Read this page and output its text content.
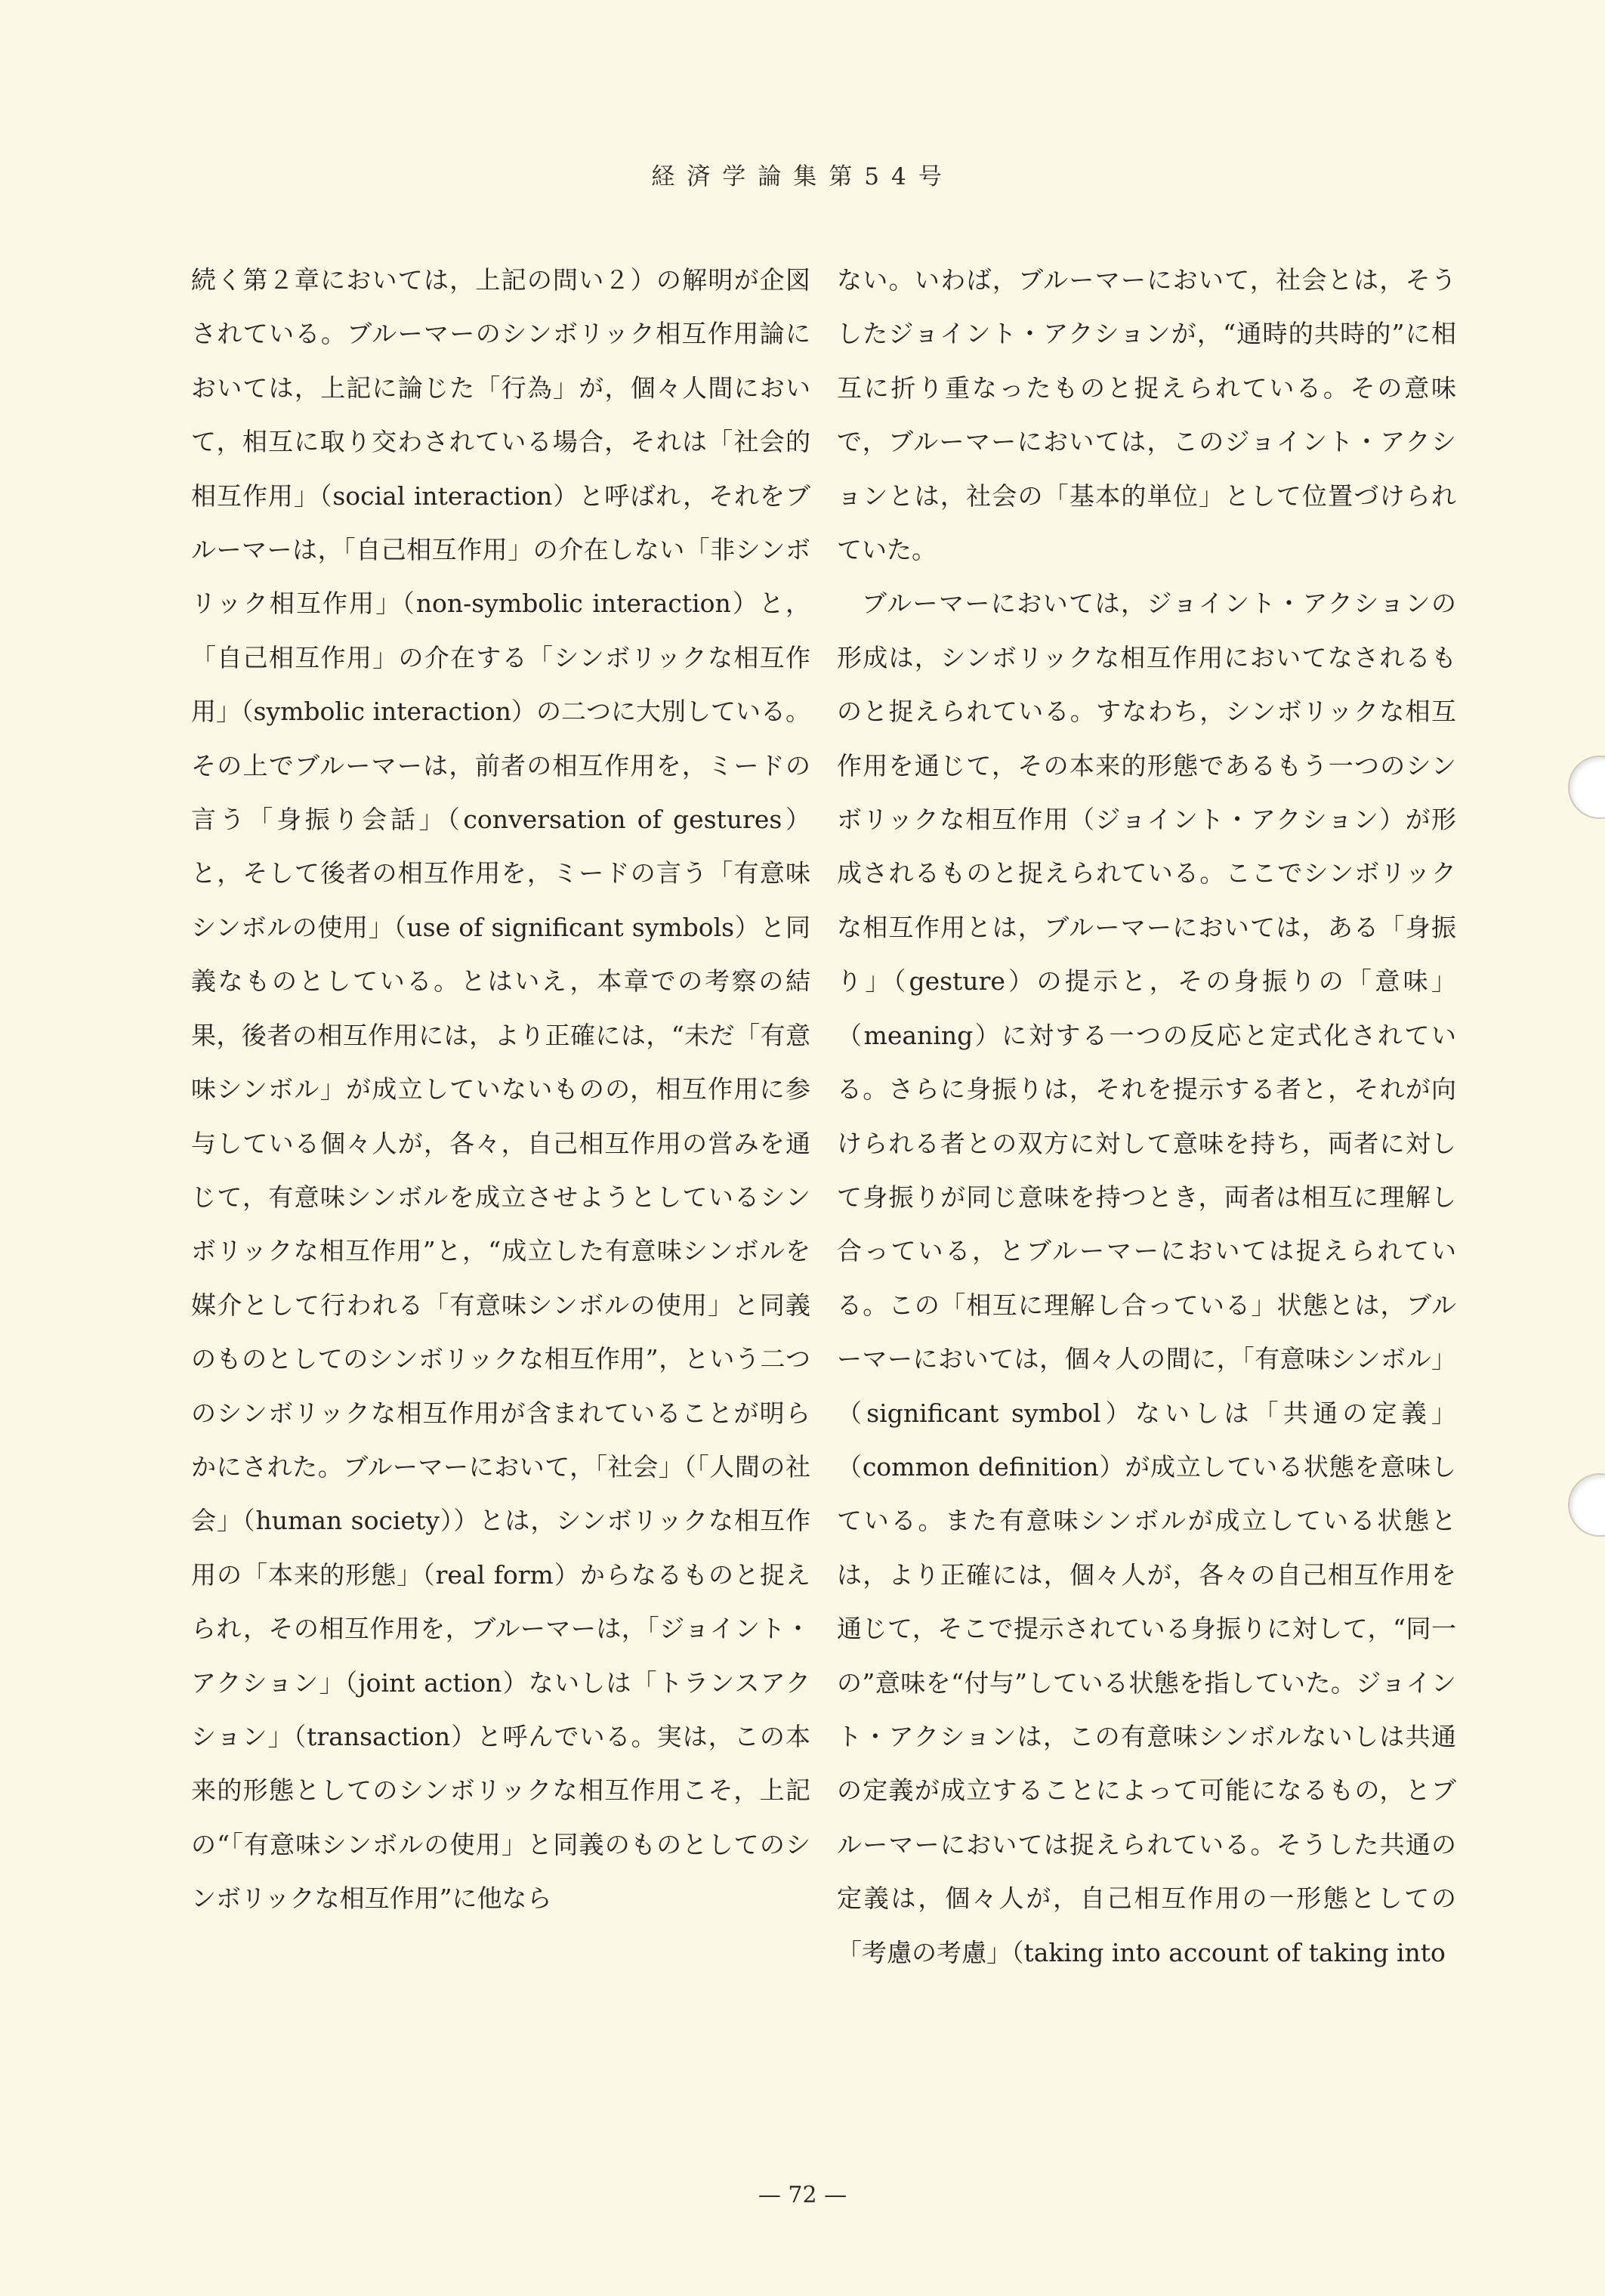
経済学論集第54号

続く第２章においては，上記の問い２）の解明が企図されている。ブルーマーのシンボリック相互作用論においては，上記に論じた「行為」が，個々人間において，相互に取り交わされている場合，それは「社会的相互作用」（social interaction）と呼ばれ，それをブルーマーは，「自己相互作用」の介在しない「非シンボリック相互作用」（non-symbolic interaction）と，「自己相互作用」の介在する「シンボリックな相互作用」（symbolic interaction）の二つに大別している。その上でブルーマーは，前者の相互作用を，ミードの言う「身振り会話」（conversation of gestures）と，そして後者の相互作用を，ミードの言う「有意味シンボルの使用」（use of significant symbols）と同義なものとしている。とはいえ，本章での考察の結果，後者の相互作用には，より正確には，“未だ「有意味シンボル」が成立していないものの，相互作用に参与している個々人が，各々，自己相互作用の営みを通じて，有意味シンボルを成立させようとしているシンボリックな相互作用”と，“成立した有意味シンボルを媒介として行われる「有意味シンボルの使用」と同義のものとしてのシンボリックな相互作用”，という二つのシンボリックな相互作用が含まれていることが明らかにされた。ブルーマーにおいて，「社会」（「人間の社会」（human society））とは，シンボリックな相互作用の「本来的形態」（real form）からなるものと捉えられ，その相互作用を，ブルーマーは，「ジョイント・アクション」（joint action）ないしは「トランスアクション」（transaction）と呼んでいる。実は，この本来的形態としてのシンボリックな相互作用こそ，上記の“「有意味シンボルの使用」と同義のものとしてのシンボリックな相互作用”に他なら

ない。いわば，ブルーマーにおいて，社会とは，そうしたジョイント・アクションが，“通時的共時的”に相互に折り重なったものと捉えられている。その意味で，ブルーマーにおいては，このジョイント・アクションとは，社会の「基本的単位」として位置づけられていた。

ブルーマーにおいては，ジョイント・アクションの形成は，シンボリックな相互作用においてなされるものと捉えられている。すなわち，シンボリックな相互作用を通じて，その本来的形態であるもう一つのシンボリックな相互作用（ジョイント・アクション）が形成されるものと捉えられている。ここでシンボリックな相互作用とは，ブルーマーにおいては，ある「身振り」（gesture）の提示と，その身振りの「意味」（meaning）に対する一つの反応と定式化されている。さらに身振りは，それを提示する者と，それが向けられる者との双方に対して意味を持ち，両者に対して身振りが同じ意味を持つとき，両者は相互に理解し合っている，とブルーマーにおいては捉えられている。この「相互に理解し合っている」状態とは，ブルーマーにおいては，個々人の間に，「有意味シンボル」（significant symbol）ないしは「共通の定義」（common definition）が成立している状態を意味している。また有意味シンボルが成立している状態とは，より正確には，個々人が，各々の自己相互作用を通じて，そこで提示されている身振りに対して，“同一の”意味を“付与”している状態を指していた。ジョイント・アクションは，この有意味シンボルないしは共通の定義が成立することによって可能になるもの，とブルーマーにおいては捉えられている。そうした共通の定義は，個々人が，自己相互作用の一形態としての「考慮の考慮」（taking into account of taking into

— 72 —
